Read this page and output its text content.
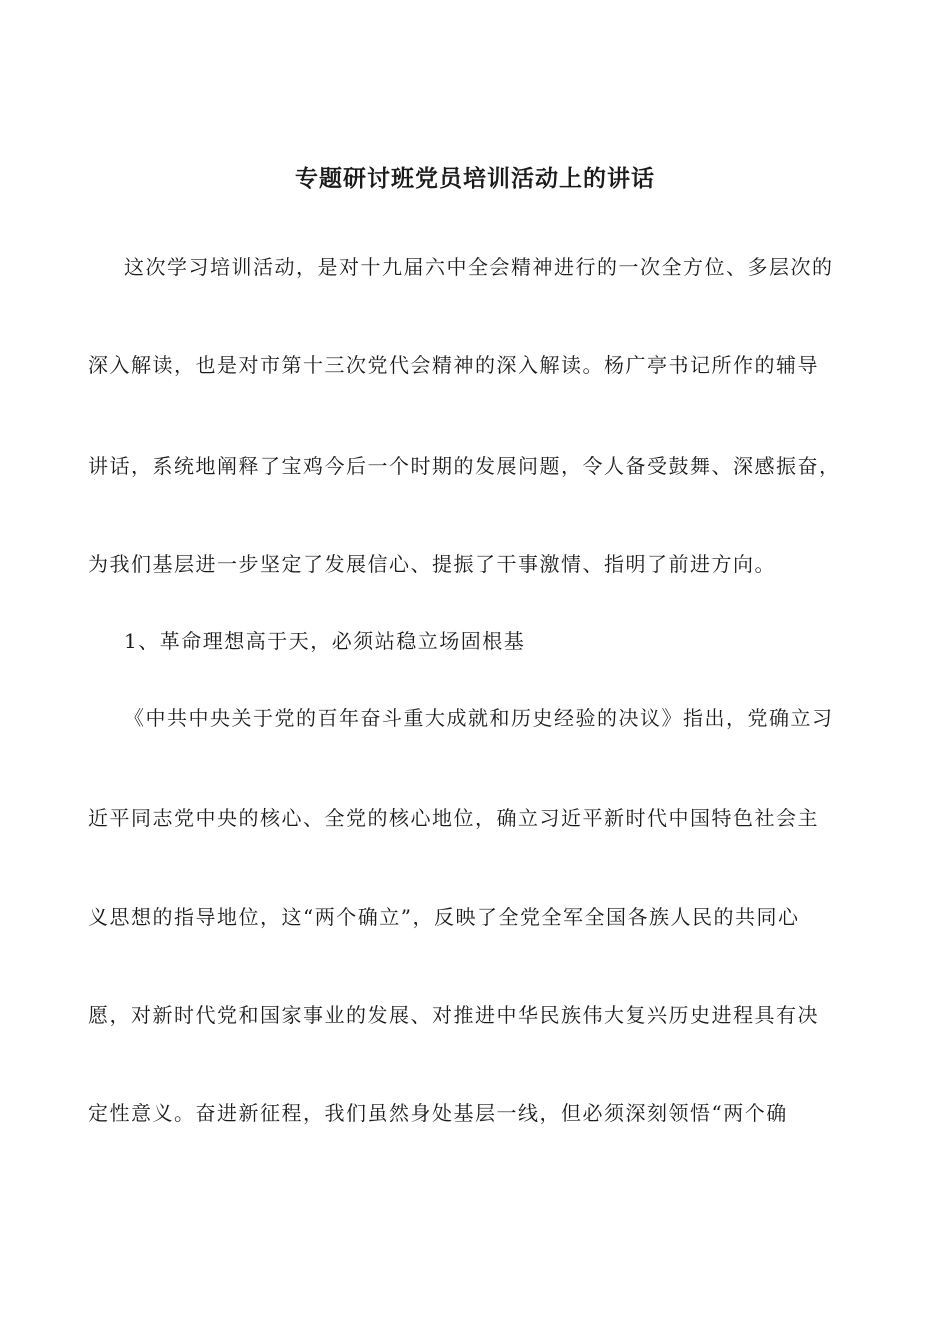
专题研讨班党员培训活动上的讲话
这次学习培训活动，是对十九届六中全会精神进行的一次全方位、多层次的
深入解读，也是对市第十三次党代会精神的深入解读。杨广亭书记所作的辅导
讲话，系统地阐释了宝鸡今后一个时期的发展问题，令人备受鼓舞、深感振奋，
为我们基层进一步坚定了发展信心、提振了干事激情、指明了前进方向。
1、革命理想高于天，必须站稳立场固根基
《中共中央关于党的百年奋斗重大成就和历史经验的决议》指出，党确立习
近平同志党中央的核心、全党的核心地位，确立习近平新时代中国特色社会主
义思想的指导地位，这“两个确立”，反映了全党全军全国各族人民的共同心
愿，对新时代党和国家事业的发展、对推进中华民族伟大复兴历史进程具有决
定性意义。奋进新征程，我们虽然身处基层一线，但必须深刻领悟“两个确
